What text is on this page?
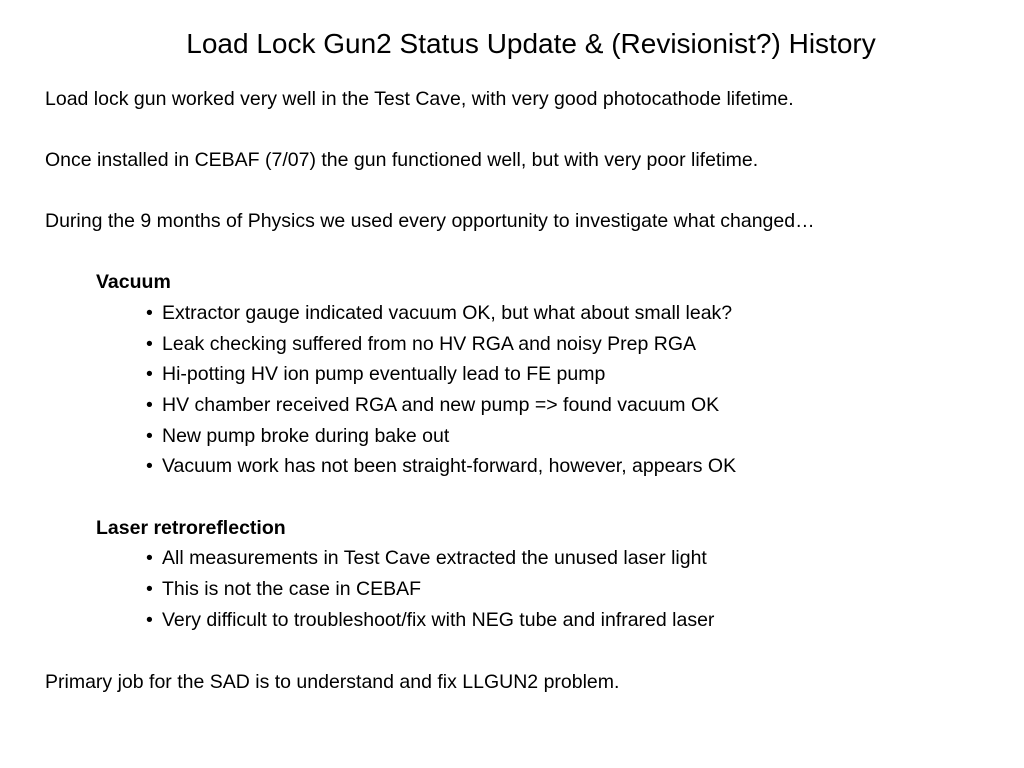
Load Lock Gun2 Status Update & (Revisionist?) History
Load lock gun worked very well in the Test Cave, with very good photocathode lifetime.
Once installed in CEBAF (7/07) the gun functioned well, but with very poor lifetime.
During the 9 months of Physics we used every opportunity to investigate what changed…
Vacuum
• Extractor gauge indicated vacuum OK, but what about small leak?
• Leak checking suffered from no HV RGA and noisy Prep RGA
• Hi-potting HV ion pump eventually lead to FE pump
• HV chamber received RGA and new pump => found vacuum OK
• New pump broke during bake out
• Vacuum work has not been straight-forward, however, appears OK
Laser retroreflection
• All measurements in Test Cave extracted the unused laser light
• This is not the case in CEBAF
• Very difficult to troubleshoot/fix with NEG tube and infrared laser
Primary job for the SAD is to understand and fix LLGUN2 problem.
